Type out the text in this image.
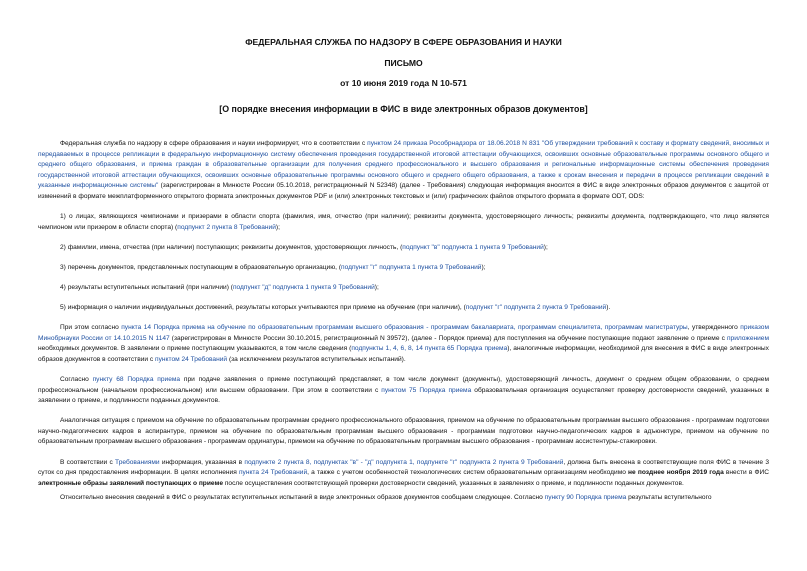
ФЕДЕРАЛЬНАЯ СЛУЖБА ПО НАДЗОРУ В СФЕРЕ ОБРАЗОВАНИЯ И НАУКИ
ПИСЬМО
от 10 июня 2019 года N 10-571
[О порядке внесения информации в ФИС в виде электронных образов документов]

Федеральная служба по надзору в сфере образования и науки информирует, что в соответствии с пунктом 24 приказа Рособрнадзора от 18.06.2018 N 831 "Об утверждении требований к составу и формату сведений, вносимых и передаваемых в процессе репликации в федеральную информационную систему обеспечения проведения государственной итоговой аттестации обучающихся, освоивших основные образовательные программы основного общего и среднего общего образования, и приема граждан в образовательные организации для получения среднего профессионального и высшего образования и региональные информационные системы обеспечения проведения государственной итоговой аттестации обучающихся, освоивших основные образовательные программы основного общего и среднего общего образования, а также к срокам внесения и передачи в процессе репликации сведений в указанные информационные системы" (зарегистрирован в Минюсте России 05.10.2018, регистрационный N 52348) (далее - Требования) следующая информация вносится в ФИС в виде электронных образов документов с защитой от изменений в формате межплатформенного открытого формата электронных документов PDF и (или) электронных текстовых и (или) графических файлов открытого формата в формате ODT, ODS:

1) о лицах, являющихся чемпионами и призерами в области спорта (фамилия, имя, отчество (при наличии); реквизиты документа, удостоверяющего личность; реквизиты документа, подтверждающего, что лицо является чемпионом или призером в области спорта) (подпункт 2 пункта 8 Требований);

2) фамилии, имена, отчества (при наличии) поступающих; реквизиты документов, удостоверяющих личность, (подпункт "в" подпункта 1 пункта 9 Требований);

3) перечень документов, представленных поступающим в образовательную организацию, (подпункт "г" подпункта 1 пункта 9 Требований);

4) результаты вступительных испытаний (при наличии) (подпункт "д" подпункта 1 пункта 9 Требований);

5) информация о наличии индивидуальных достижений, результаты которых учитываются при приеме на обучение (при наличии), (подпункт "г" подпункта 2 пункта 9 Требований).

При этом согласно пункта 14 Порядка приема на обучение по образовательным программам высшего образования - программам бакалавриата, программам специалитета, программам магистратуры, утвержденного приказом Минобрнауки России от 14.10.2015 N 1147 (зарегистрирован в Минюсте России 30.10.2015, регистрационный N 39572), (далее - Порядок приема) для поступления на обучение поступающие подают заявление о приеме с приложением необходимых документов. В заявлении о приеме поступающим указываются, в том числе сведения (подпункты 1, 4, 6, 8, 14 пункта 65 Порядка приема), аналогичные информации, необходимой для внесения в ФИС в виде электронных образов документов в соответствии с пунктом 24 Требований (за исключением результатов вступительных испытаний).

Согласно пункту 68 Порядка приема при подаче заявления о приеме поступающий представляет, в том числе документ (документы), удостоверяющий личность, документ о среднем общем образовании, о среднем профессиональном (начальном профессиональном) или высшем образовании. При этом в соответствии с пунктом 75 Порядка приема образовательная организация осуществляет проверку достоверности сведений, указанных в заявлении о приеме, и подлинности поданных документов.

Аналогичная ситуация с приемом на обучение по образовательным программам среднего профессионального образования, приемом на обучение по образовательным программам высшего образования - программам подготовки научно-педагогических кадров в аспирантуре, приемом на обучение по образовательным программам высшего образования - программам подготовки научно-педагогических кадров в адъюнктуре, приемом на обучение по образовательным программам высшего образования - программам ординатуры, приемом на обучение по образовательным программам высшего образования - программам ассистентуры-стажировки.

В соответствии с Требованиями информация, указанная в подпункте 2 пункта 8, подпунктах "в" - "д" подпункта 1, подпункте "г" подпункта 2 пункта 9 Требований, должна быть внесена в соответствующие поля ФИС в течение 3 суток со дня предоставления информации. В целях исполнения пункта 24 Требований, а также с учетом особенностей технологических систем образовательным организациям необходимо не позднее ноября 2019 года внести в ФИС электронные образы заявлений поступающих о приеме после осуществления соответствующей проверки достоверности сведений, указанных в заявлениях о приеме, и подлинности поданных документов.

Относительно внесения сведений в ФИС о результатах вступительных испытаний в виде электронных образов документов сообщаем следующее. Согласно пункту 90 Порядка приема результаты вступительного
